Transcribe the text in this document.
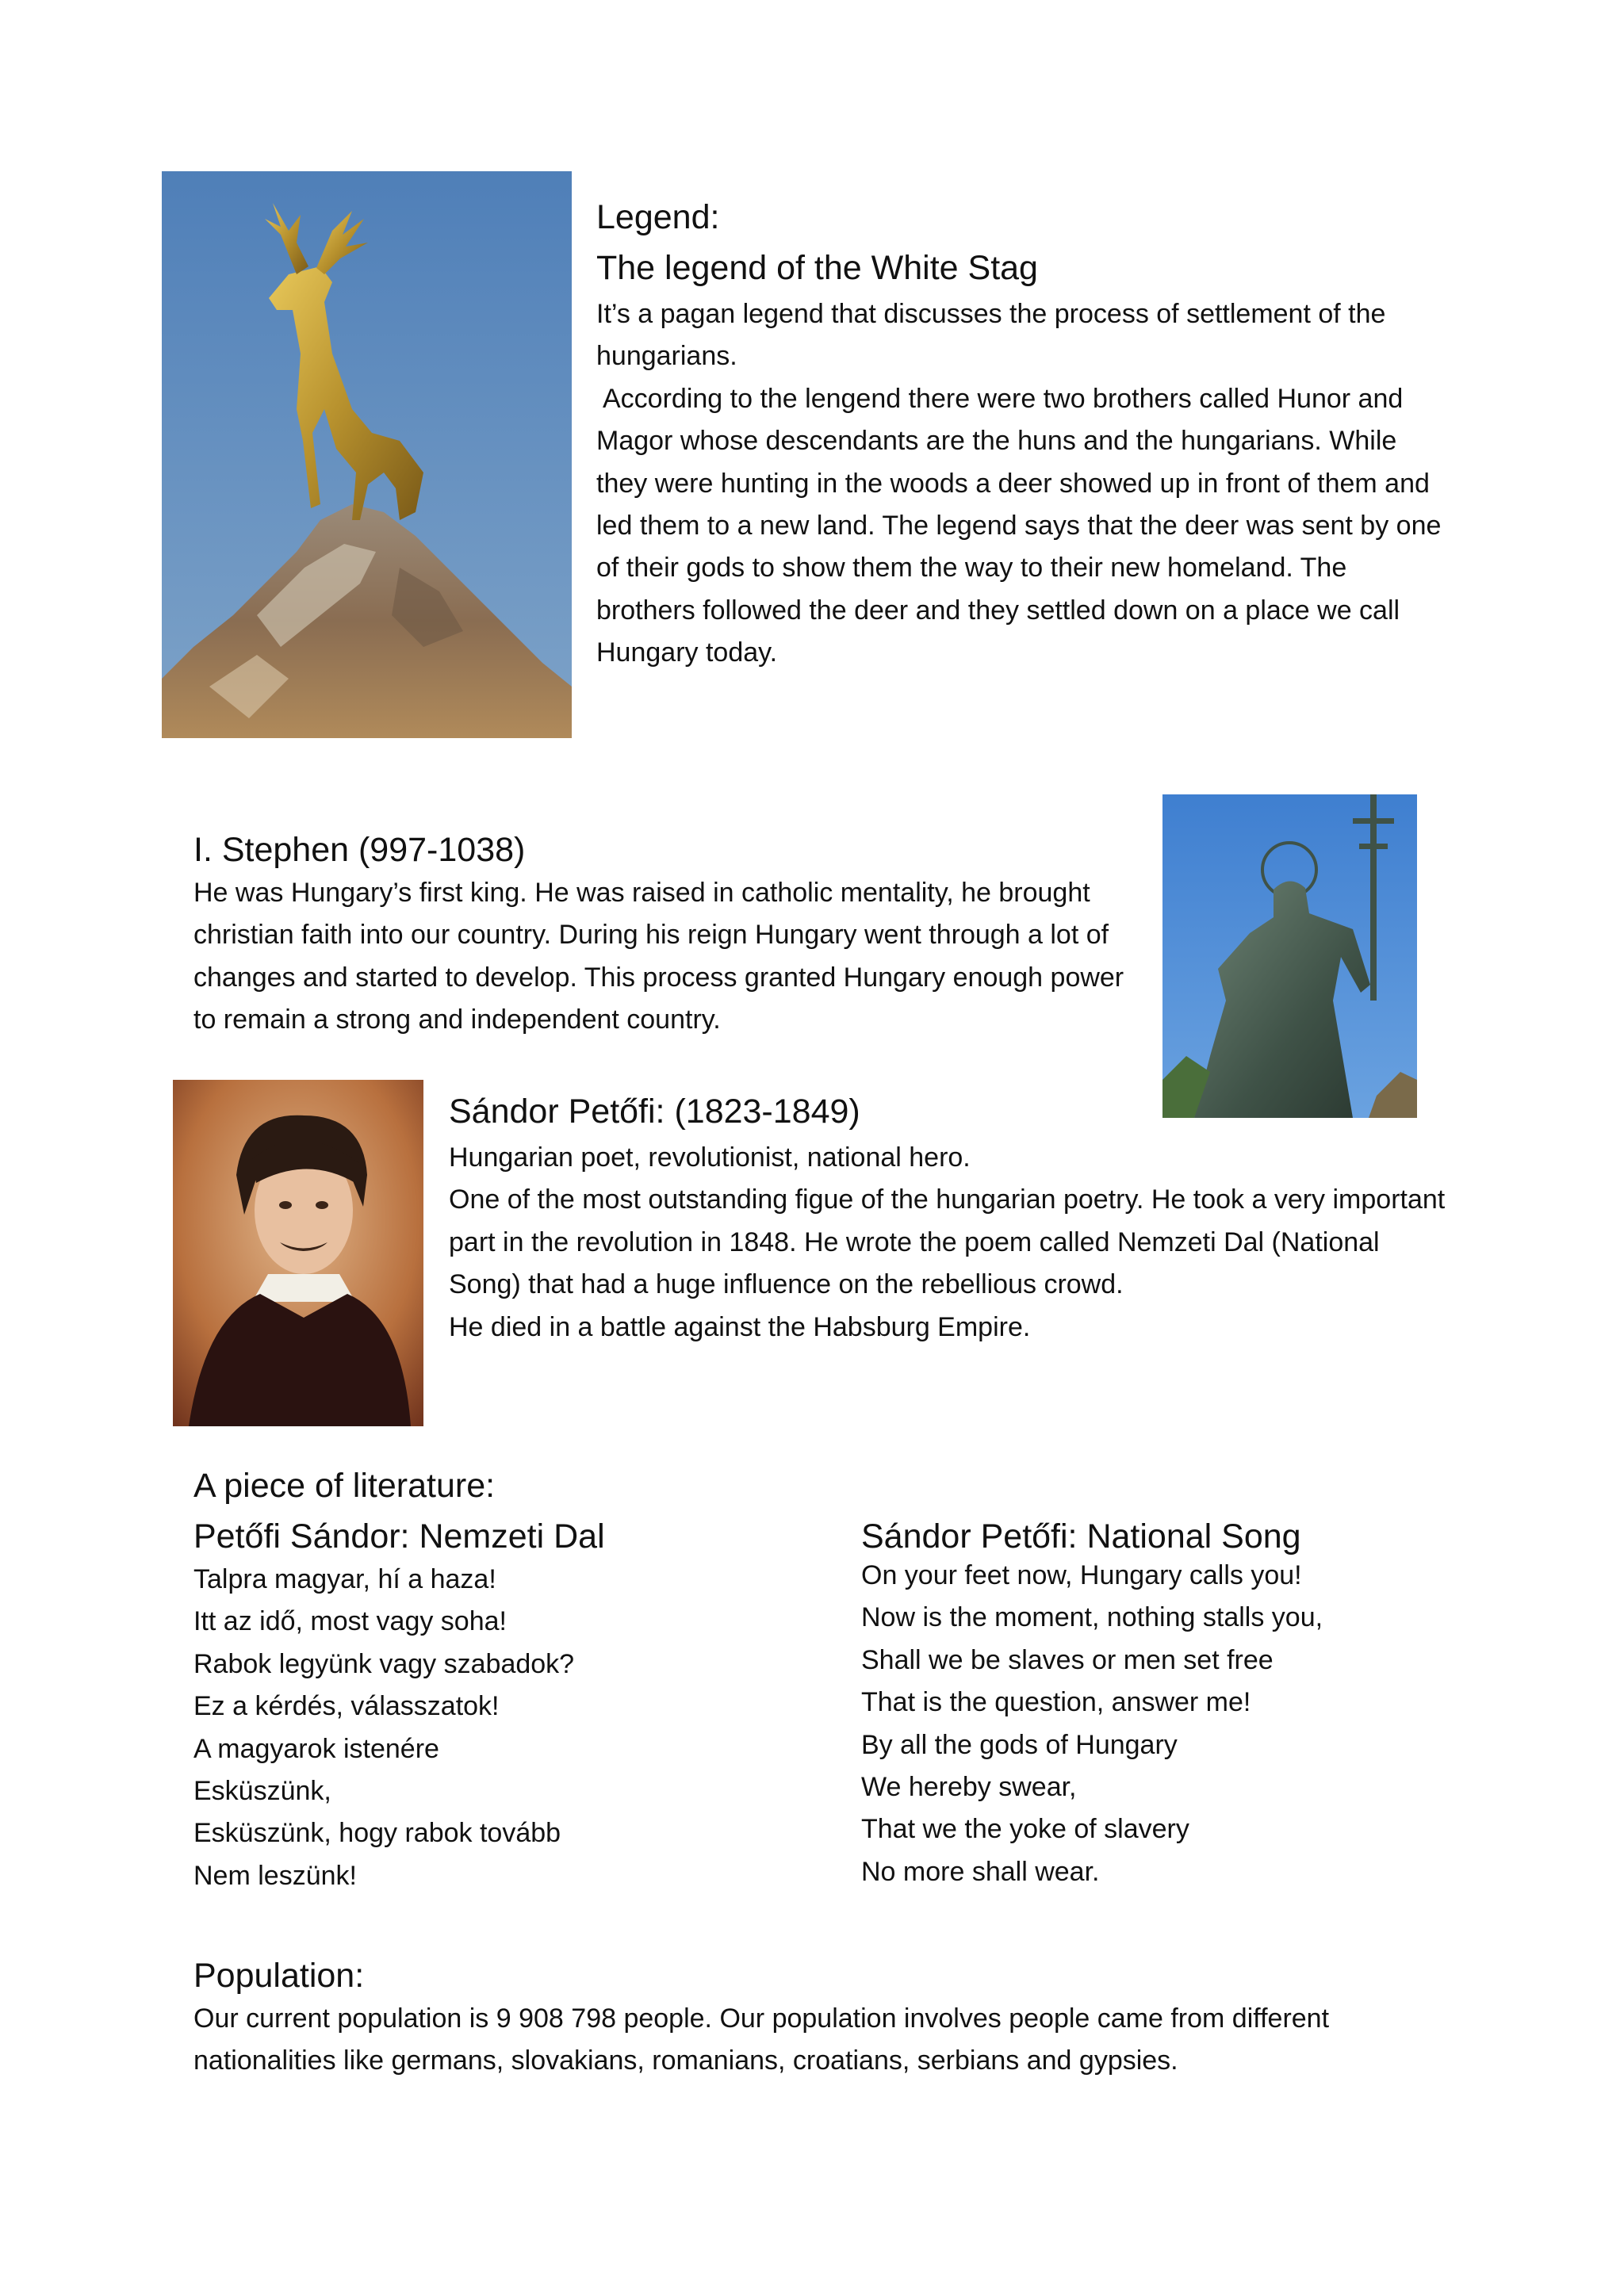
Legend:
The legend of the White Stag

It’s a pagan legend that discusses the process of settlement of the hungarians.

According to the lengend there were two brothers called Hunor and Magor whose descendants are the huns and the hungarians. While they were hunting in the woods a deer showed up in front of them and led them to a new land. The legend says that the deer was sent by one of their gods to show them the way to their new homeland. The brothers followed the deer and they settled down on a place we call Hungary today.

I. Stephen (997-1038)

He was Hungary’s first king. He was raised in catholic mentality, he brought christian faith into our country. During his reign Hungary went through a lot of changes and started to develop. This process granted Hungary enough power to remain a strong and independent country.

Sándor Petőfi: (1823-1849)

Hungarian poet, revolutionist, national hero.

One of the most outstanding figue of the hungarian poetry. He took a very important part in the revolution in 1848. He wrote the poem called Nemzeti Dal (National Song) that had a huge influence on the rebellious crowd.

He died in a battle against the Habsburg Empire.

A piece of literature:
Petőfi Sándor: Nemzeti Dal
Talpra magyar, hí a haza!
Itt az idő, most vagy soha!
Rabok legyünk vagy szabadok?
Ez a kérdés, válasszatok!
A magyarok istenére
Esküszünk,
Esküszünk, hogy rabok tovább
Nem leszünk!
Sándor Petőfi: National Song
On your feet now, Hungary calls you!
Now is the moment, nothing stalls you,
Shall we be slaves or men set free
That is the question, answer me!
By all the gods of Hungary
We hereby swear,
That we the yoke of slavery
No more shall wear.
Population:

Our current population is 9 908 798 people. Our population involves people came from different nationalities like germans, slovakians, romanians, croatians, serbians and gypsies.
